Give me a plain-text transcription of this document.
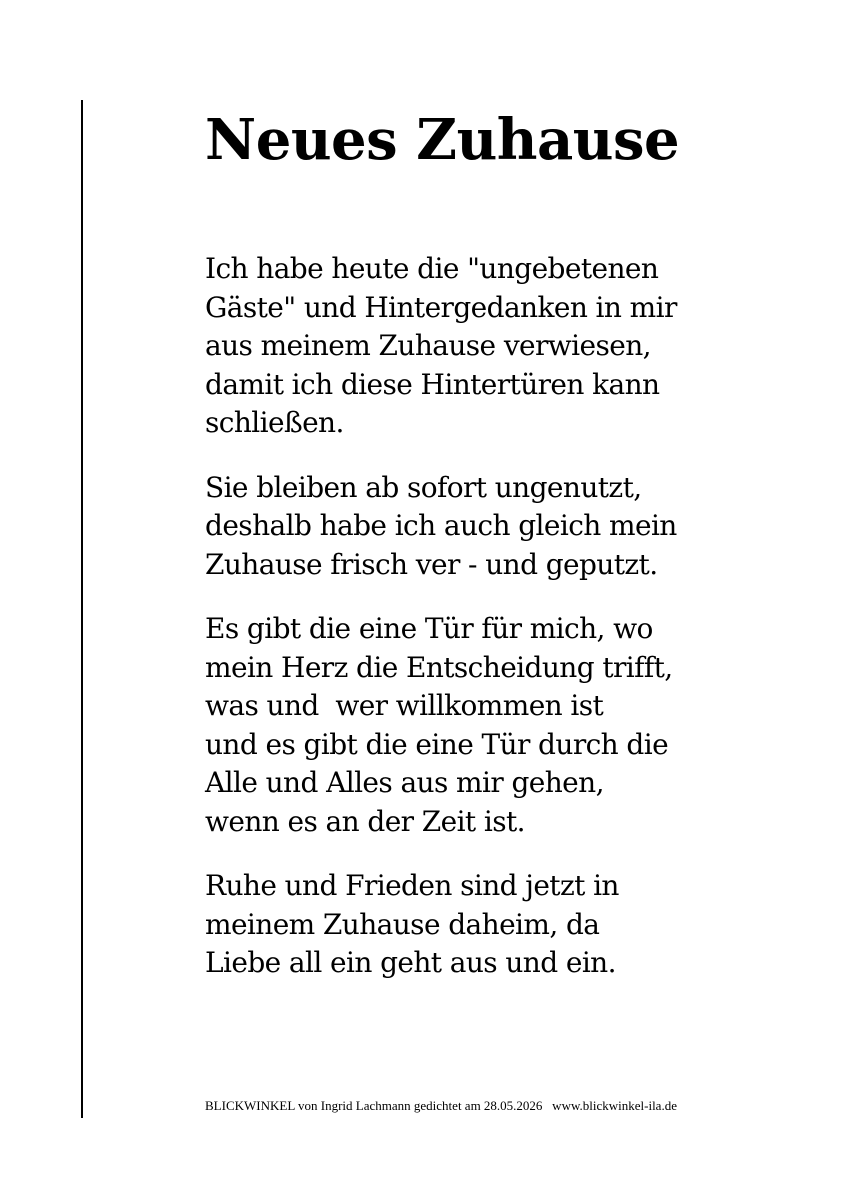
Neues Zuhause
Ich habe heute die "ungebetenen
Gäste" und Hintergedanken in mir
aus meinem Zuhause verwiesen,
damit ich diese Hintertüren kann
schließen.
Sie bleiben ab sofort ungenutzt,
deshalb habe ich auch gleich mein
Zuhause frisch ver - und geputzt.
Es gibt die eine Tür für mich, wo
mein Herz die Entscheidung trifft,
was und  wer willkommen ist
und es gibt die eine Tür durch die
Alle und Alles aus mir gehen,
wenn es an der Zeit ist.
Ruhe und Frieden sind jetzt in
meinem Zuhause daheim, da
Liebe all ein geht aus und ein.
BLICKWINKEL von Ingrid Lachmann gedichtet am 28.05.2026   www.blickwinkel-ila.de
